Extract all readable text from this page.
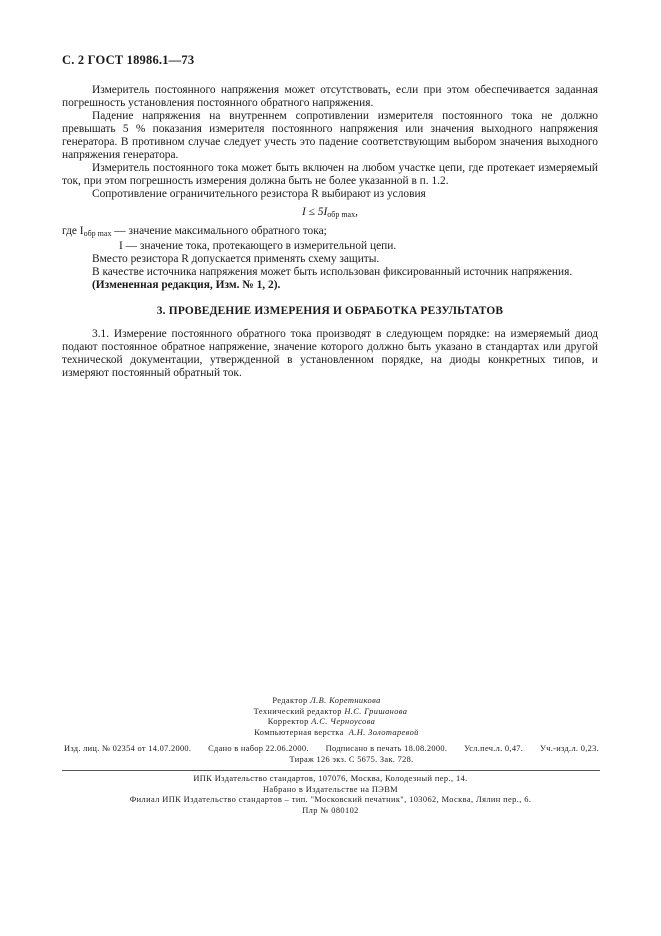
С. 2 ГОСТ 18986.1—73

Измеритель постоянного напряжения может отсутствовать, если при этом обеспечивается заданная погрешность установления постоянного обратного напряжения.

Падение напряжения на внутреннем сопротивлении измерителя постоянного тока не должно превышать 5 % показания измерителя постоянного напряжения или значения выходного напряжения генератора. В противном случае следует учесть это падение соответствующим выбором значения выходного напряжения генератора.

Измеритель постоянного тока может быть включен на любом участке цепи, где протекает измеряемый ток, при этом погрешность измерения должна быть не более указанной в п. 1.2.

Сопротивление ограничительного резистора R выбирают из условия

$I \le 5I_{обр max}$,

где Iобр max — значение максимального обратного тока;

I — значение тока, протекающего в измерительной цепи.

Вместо резистора R допускается применять схему защиты.

В качестве источника напряжения может быть использован фиксированный источник напряжения.

(Измененная редакция, Изм. № 1, 2).

3. ПРОВЕДЕНИЕ ИЗМЕРЕНИЯ И ОБРАБОТКА РЕЗУЛЬТАТОВ

3.1. Измерение постоянного обратного тока производят в следующем порядке: на измеряемый диод подают постоянное обратное напряжение, значение которого должно быть указано в стандартах или другой технической документации, утвержденной в установленном порядке, на диоды конкретных типов, и измеряют постоянный обратный ток.

Редактор
Л.В. Коретникова
Технический редактор
Н.С. Гришанова
Корректор
А.С. Черноусова
Компьютерная верстка
А.Н. Золотаревой
Изд. лиц. № 02354 от 14.07.2000. Сдано в набор 22.06.2000. Подписано в печать 18.08.2000. Усл.печ.л. 0,47. Уч.-изд.л. 0,23.
Тираж 126 экз. С 5675. Зак. 728.
ИПК Издательство стандартов, 107076, Москва, Колодезный пер., 14.
Набрано в Издательстве на ПЭВМ
Филиал ИПК Издательство стандартов – тип. "Московский печатник", 103062, Москва, Лялин пер., 6.
Плр № 080102
